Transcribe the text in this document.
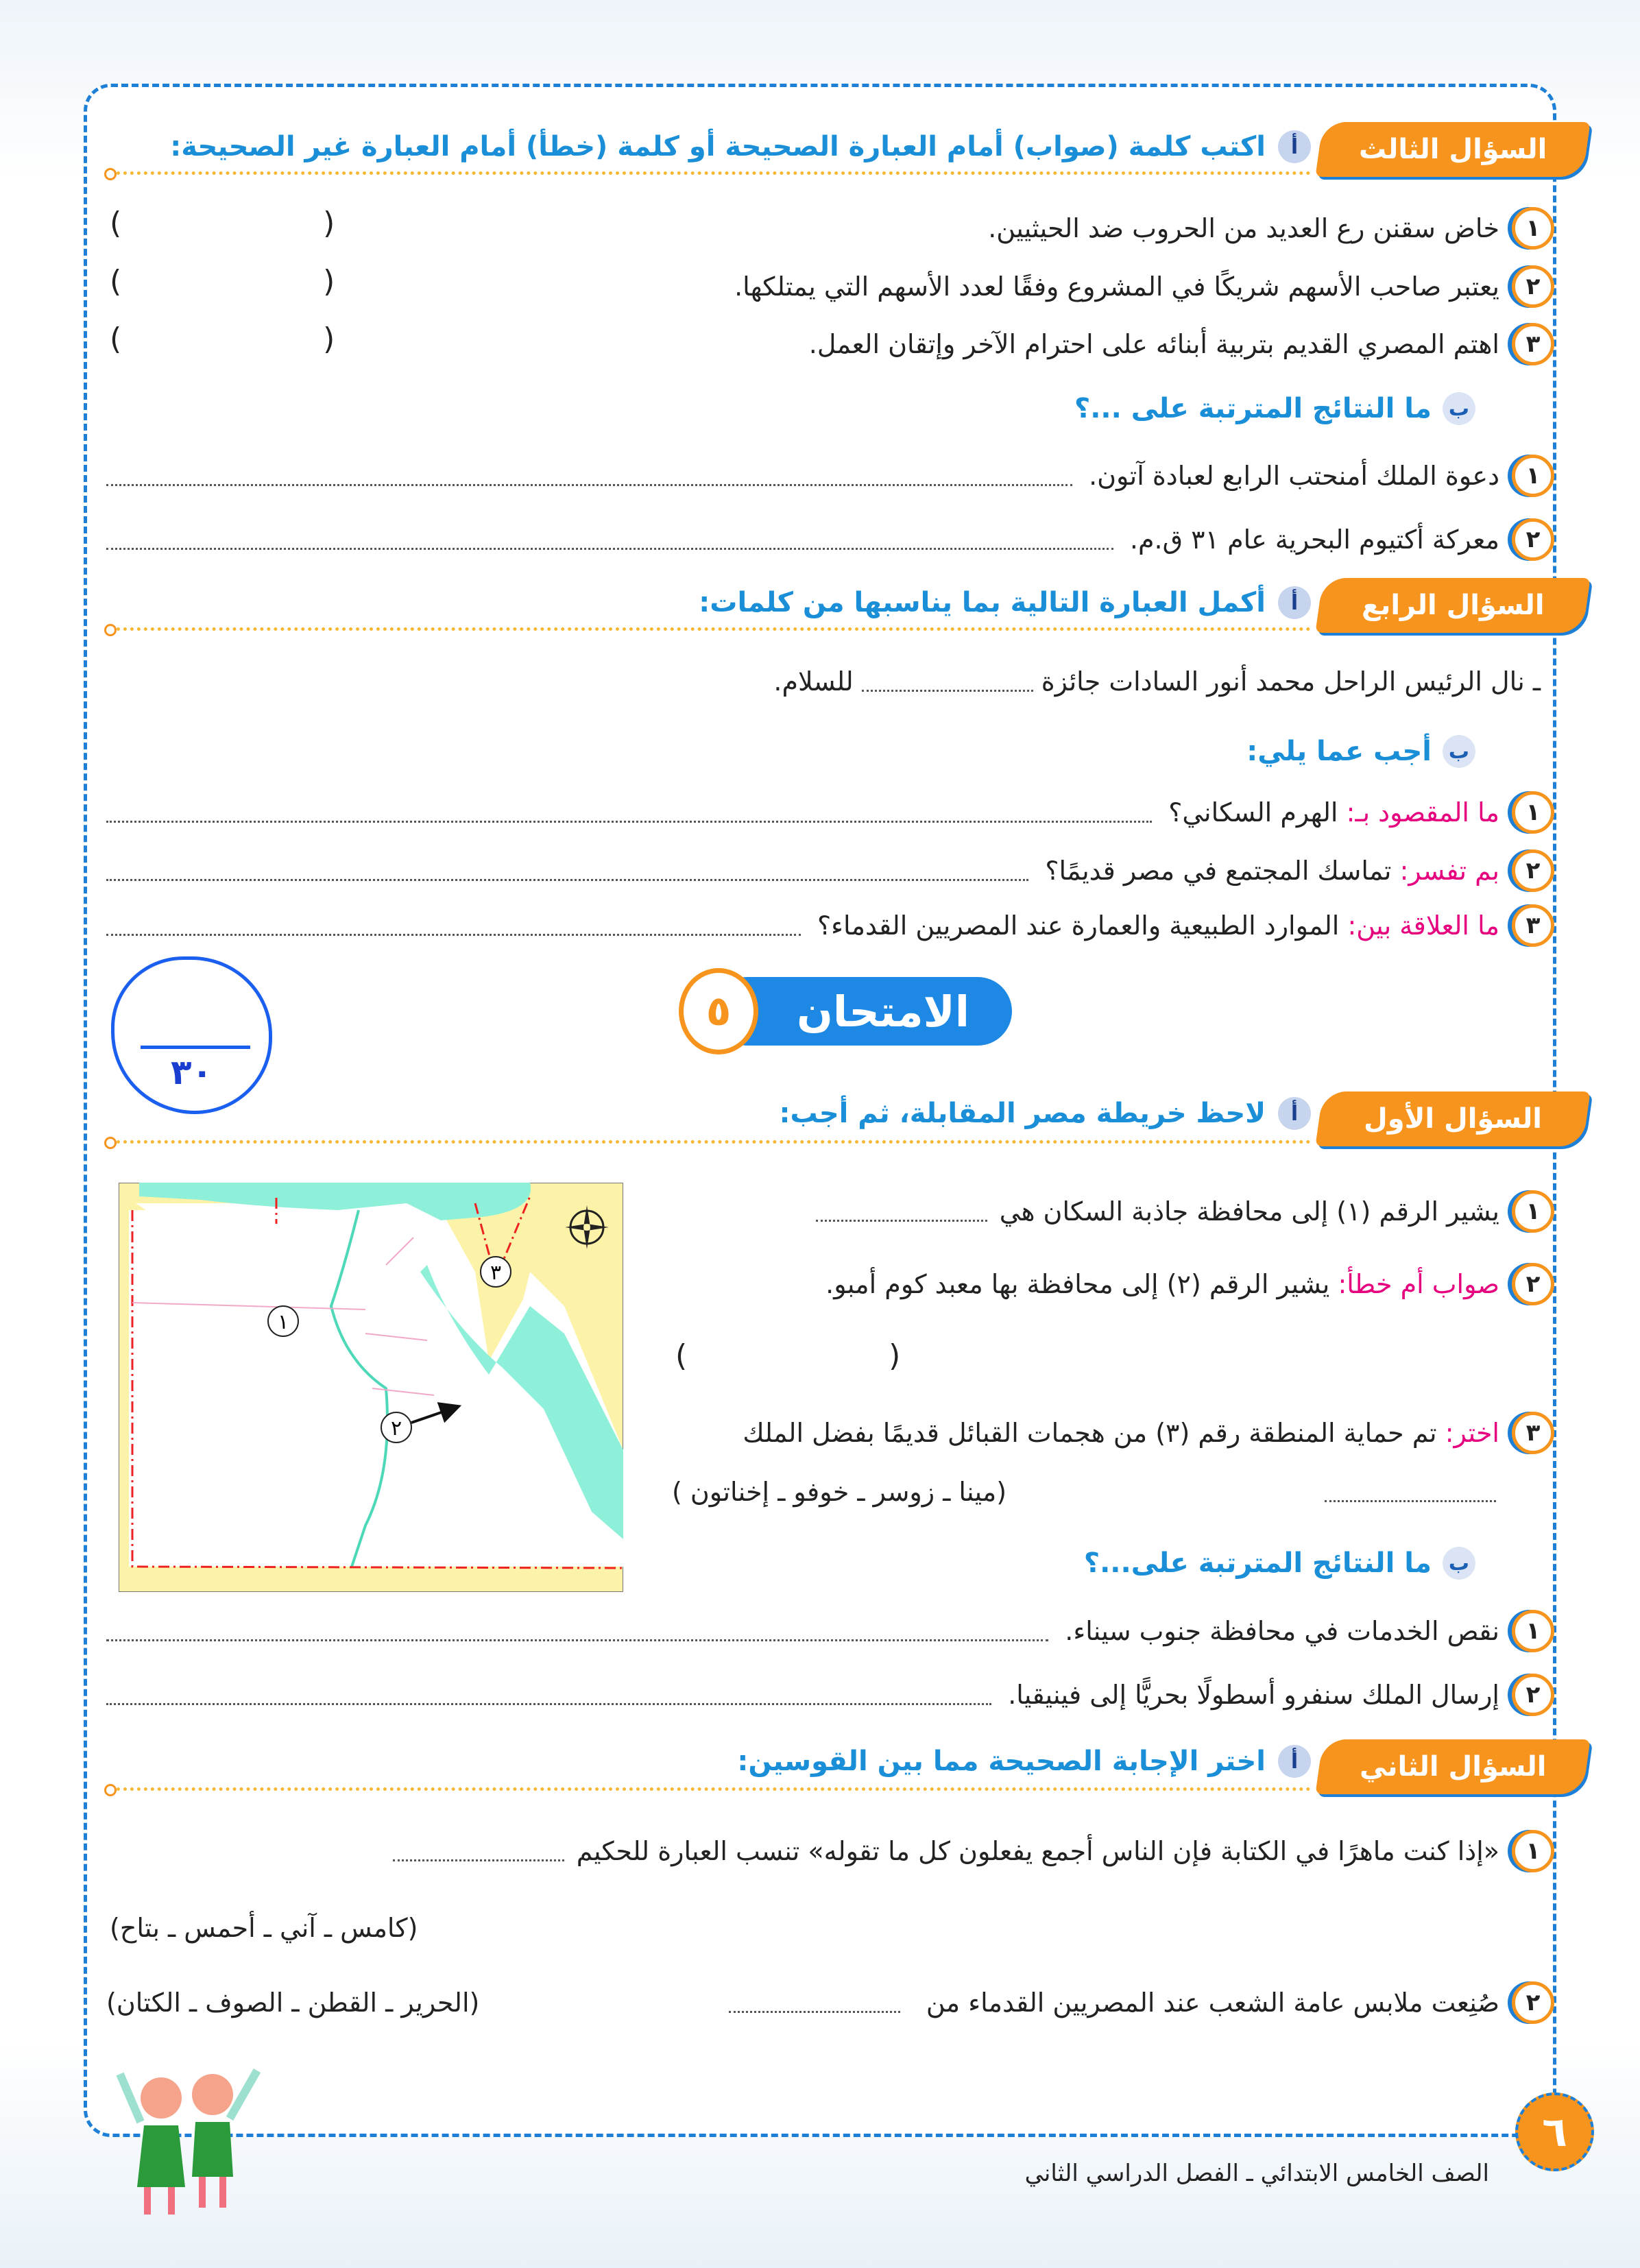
السؤال الثالث
أ
اكتب كلمة (صواب) أمام العبارة الصحيحة أو كلمة (خطأ) أمام العبارة غير الصحيحة:
١
خاض سقنن رع العديد من الحروب ضد الحيثيين.
( )
٢
يعتبر صاحب الأسهم شريكًا في المشروع وفقًا لعدد الأسهم التي يمتلكها.
( )
٣
اهتم المصري القديم بتربية أبنائه على احترام الآخر وإتقان العمل.
( )
ب
ما النتائج المترتبة على ...؟
١
دعوة الملك أمنحتب الرابع لعبادة آتون.
٢
معركة أكتيوم البحرية عام ٣١ ق.م.
السؤال الرابع
أ
أكمل العبارة التالية بما يناسبها من كلمات:
ـ نال الرئيس الراحل محمد أنور السادات جائزة
للسلام.
ب
أجب عما يلي:
١
ما المقصود بـ: الهرم السكاني؟
٢
بم تفسر: تماسك المجتمع في مصر قديمًا؟
٣
ما العلاقة بين: الموارد الطبيعية والعمارة عند المصريين القدماء؟
الامتحان
٥
٣٠
السؤال الأول
أ
لاحظ خريطة مصر المقابلة، ثم أجب:
١
٢
٣
١
يشير الرقم (١) إلى محافظة جاذبة السكان هي
٢
صواب أم خطأ: يشير الرقم (٢) إلى محافظة بها معبد كوم أمبو.
( )
٣
اختر: تم حماية المنطقة رقم (٣) من هجمات القبائل قديمًا بفضل الملك
(مينا ـ زوسر ـ خوفو ـ إخناتون )
ب
ما النتائج المترتبة على...؟
١
نقص الخدمات في محافظة جنوب سيناء.
٢
إرسال الملك سنفرو أسطولًا بحريًّا إلى فينيقيا.
السؤال الثاني
أ
اختر الإجابة الصحيحة مما بين القوسين:
١
«إذا كنت ماهرًا في الكتابة فإن الناس أجمع يفعلون كل ما تقوله» تنسب العبارة للحكيم
(كامس ـ آني ـ أحمس ـ بتاح)
٢
صُنِعت ملابس عامة الشعب عند المصريين القدماء من
(الحرير ـ القطن ـ الصوف ـ الكتان)
٦
الصف الخامس الابتدائي ـ الفصل الدراسي الثاني
